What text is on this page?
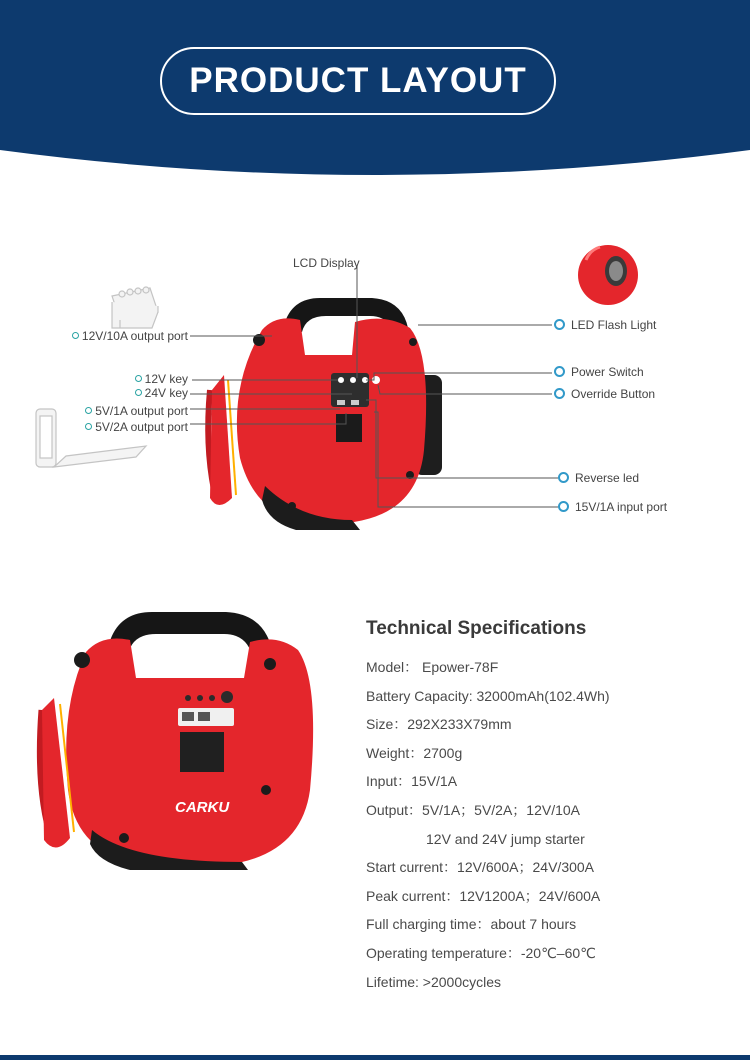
PRODUCT LAYOUT
LCD Display
12V/10A output port
12V key
24V key
5V/1A output port
5V/2A output port
LED Flash Light
Power Switch
Override Button
Reverse led
15V/1A input port
CARKU
Technical Specifications
Model： Epower-78F
Battery Capacity: 32000mAh(102.4Wh)
Size：292X233X79mm
Weight：2700g
Input：15V/1A
Output：5V/1A；5V/2A；12V/10A
12V and 24V jump starter
Start current：12V/600A；24V/300A
Peak current：12V1200A；24V/600A
Full charging time：about 7 hours
Operating temperature：-20℃–60℃
Lifetime: >2000cycles
